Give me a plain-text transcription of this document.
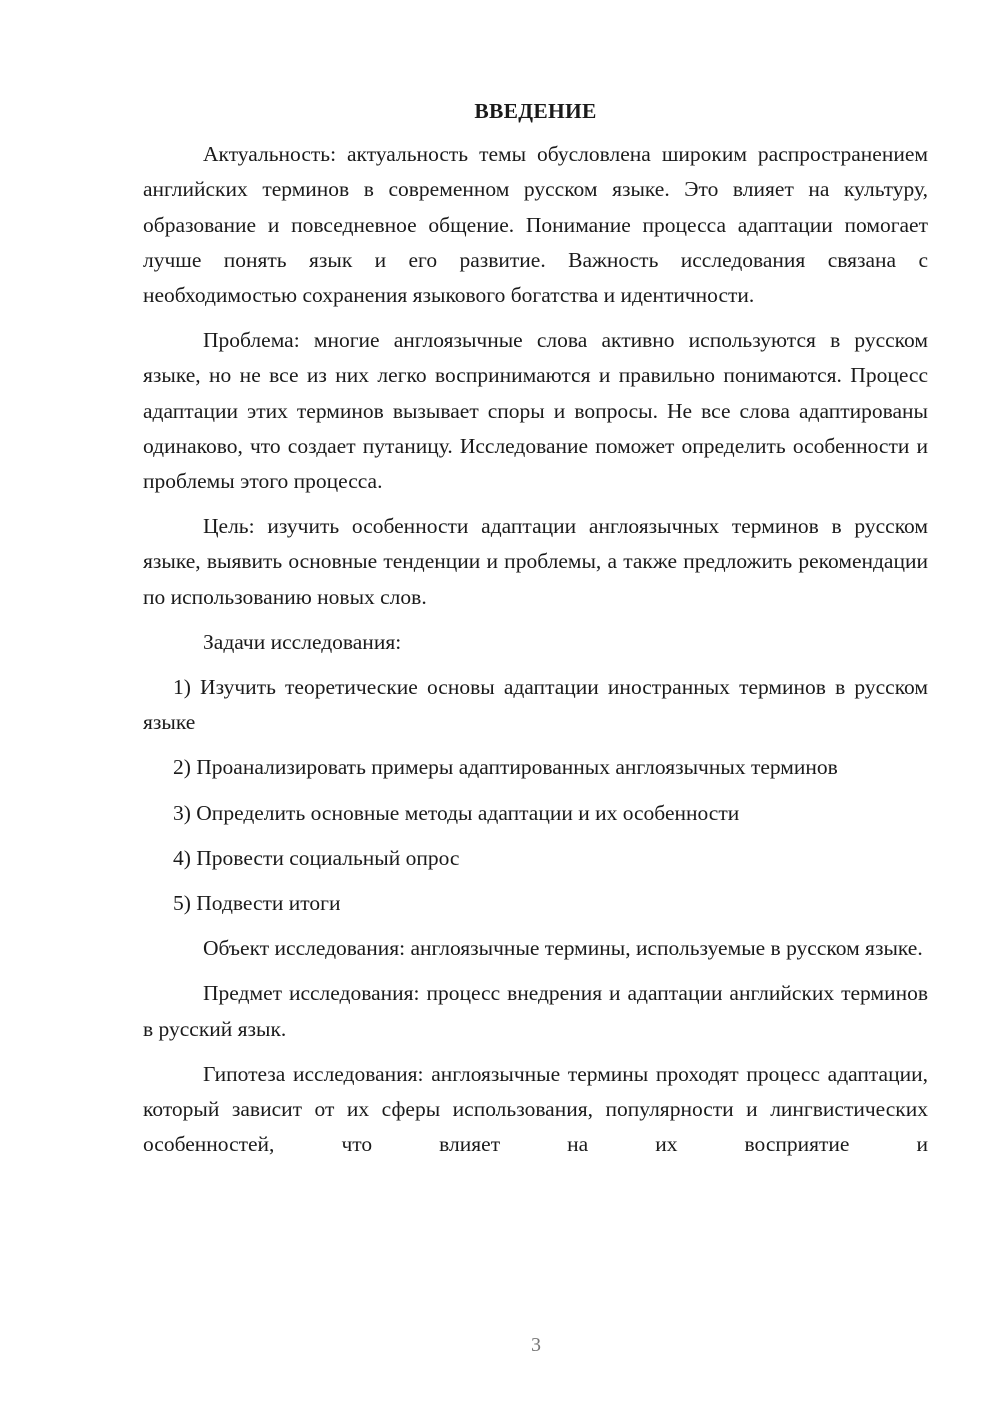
ВВЕДЕНИЕ

Актуальность: актуальность темы обусловлена широким распространением английских терминов в современном русском языке. Это влияет на культуру, образование и повседневное общение. Понимание процесса адаптации помогает лучше понять язык и его развитие. Важность исследования связана с необходимостью сохранения языкового богатства и идентичности.

Проблема: многие англоязычные слова активно используются в русском языке, но не все из них легко воспринимаются и правильно понимаются. Процесс адаптации этих терминов вызывает споры и вопросы. Не все слова адаптированы одинаково, что создает путаницу. Исследование поможет определить особенности и проблемы этого процесса.

Цель: изучить особенности адаптации англоязычных терминов в русском языке, выявить основные тенденции и проблемы, а также предложить рекомендации по использованию новых слов.

Задачи исследования:

1) Изучить теоретические основы адаптации иностранных терминов в русском языке

2) Проанализировать примеры адаптированных англоязычных терминов

3) Определить основные методы адаптации и их особенности

4) Провести социальный опрос

5) Подвести итоги

Объект исследования: англоязычные термины, используемые в русском языке.

Предмет исследования: процесс внедрения и адаптации английских терминов в русский язык.

Гипотеза исследования: англоязычные термины проходят процесс адаптации, который зависит от их сферы использования, популярности и лингвистических особенностей, что влияет на их восприятие и

3
